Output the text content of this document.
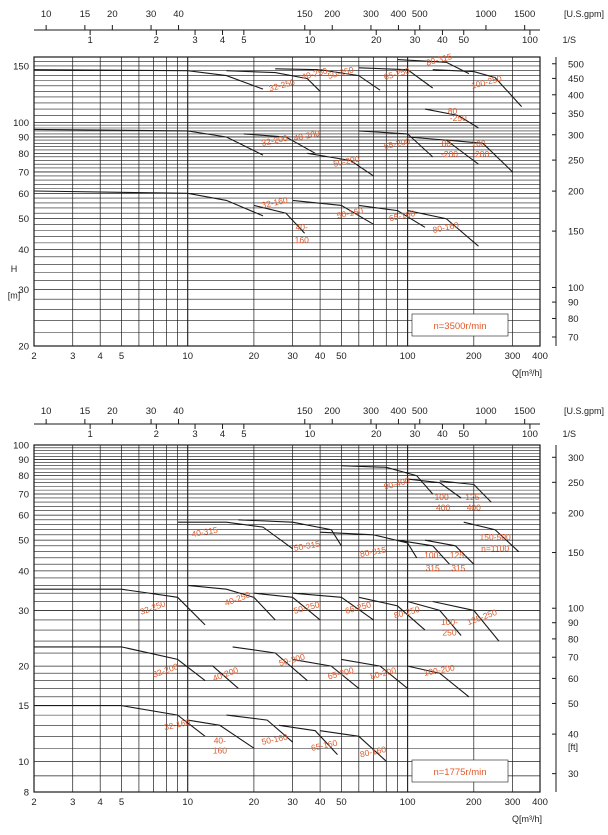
2	3 4 5	10	20	30 40 50	100	200 300 400
Q[m³/h]
20
30
40
50
60
70
80
90
100
150
H
[m]
70
80
90
100
150
200
250
300
350
400
450
500
10	15 20	30 40	150 200 300 400 500	1000 1500
1	2	3 4 5	10	20	30 40 50	100
[U.S.gpm]
1/S
n=3500r/min
2	3 4 5	10	20	30 40 50	100	200 300 400
Q[m³/h]
8
10
15
20
30
40
50
60
70
80
90
100
30
40
50
60
70
80
90
100
150
200
250
300
[ft]
10	15 20	30 40	150 200 300 400 500	1000 1500
1	2	3 4 5	10	20	30 40 50	100
[U.S.gpm]
1/S
n=1775r/min
32-250
40-250
50-250	65-250
80-315
100-250
80
-250
32-200 40-200
50-200
65-200	80
-200
100
-200
32-160
40-
160
50-160	65-160
80-160
90-400
100-
400
125-
400
40-315
50-315	80-315	100-
315
125-
315
150-500
n=1100
32-250	40-250	50-250	65-250 80-250
100-
250
125-250
32-200	40-200
50-200
65-200 80-200	100-200
32-160
40-
160
50-160	65-160 80-160
